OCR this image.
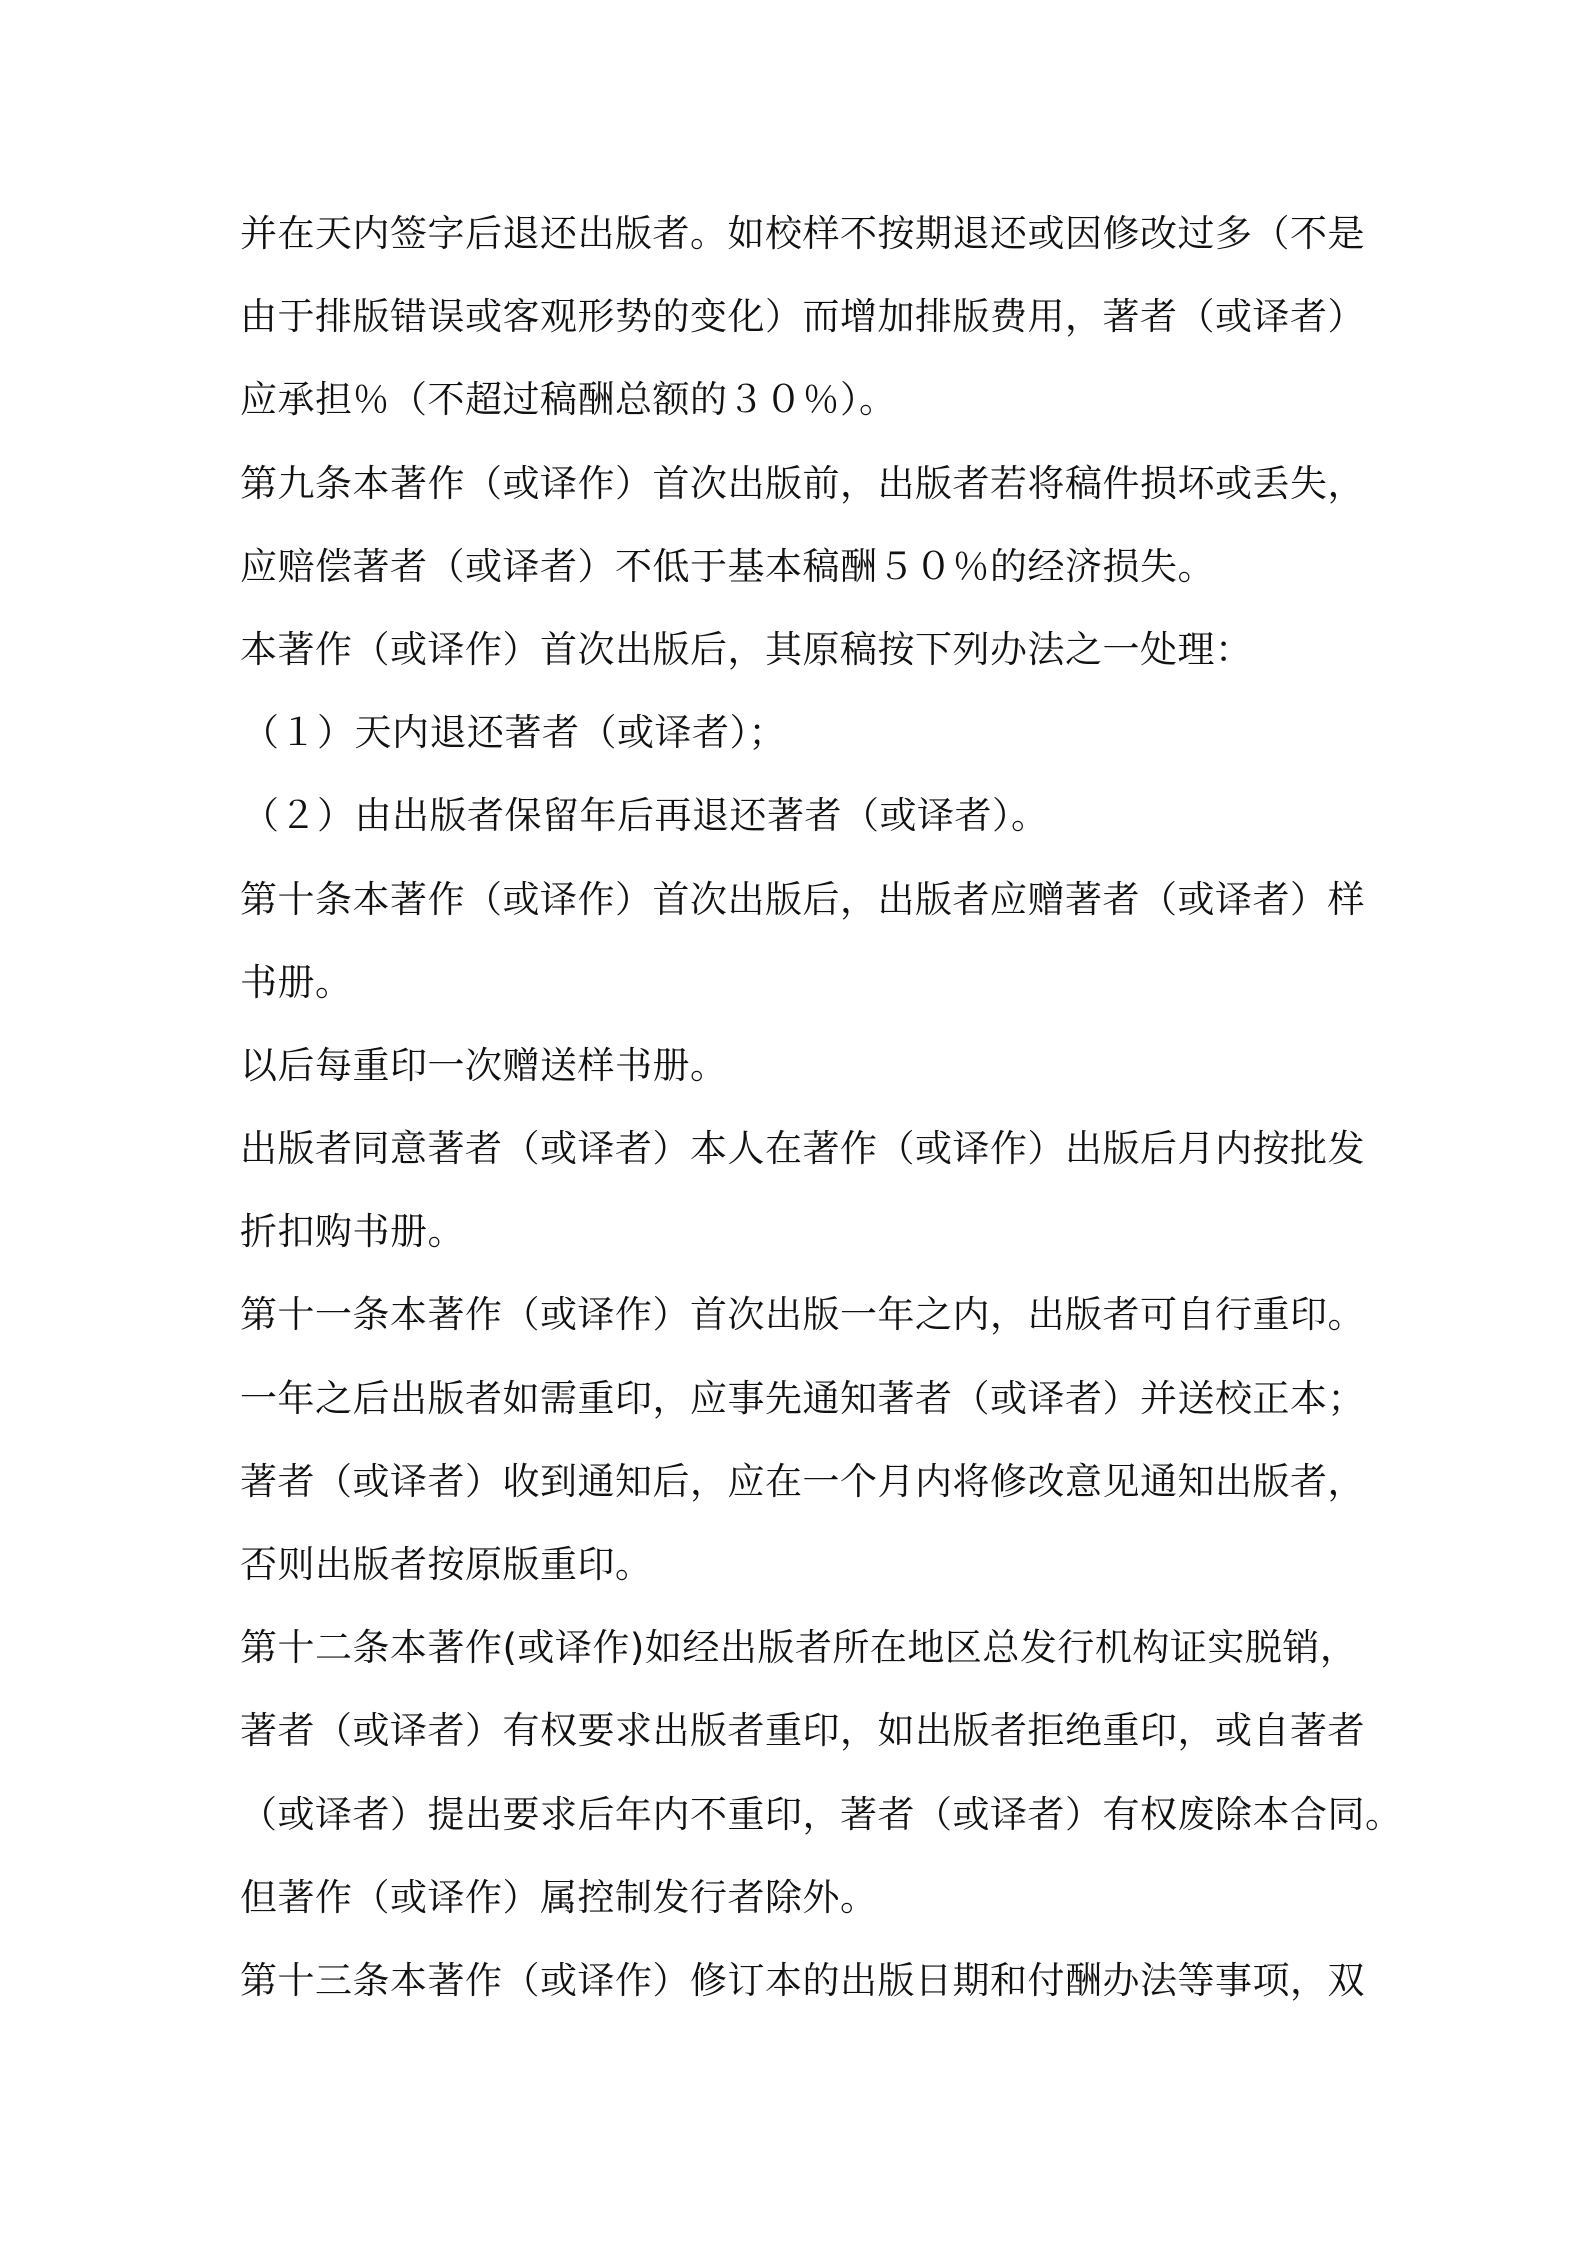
并在天内签字后退还出版者。如校样不按期退还或因修改过多（不是
由于排版错误或客观形势的变化）而增加排版费用，著者（或译者）
应承担％（不超过稿酬总额的３０％）。
第九条本著作（或译作）首次出版前，出版者若将稿件损坏或丢失，
应赔偿著者（或译者）不低于基本稿酬５０％的经济损失。
本著作（或译作）首次出版后，其原稿按下列办法之一处理：
（１）天内退还著者（或译者）；
（２）由出版者保留年后再退还著者（或译者）。
第十条本著作（或译作）首次出版后，出版者应赠著者（或译者）样
书册。
以后每重印一次赠送样书册。
出版者同意著者（或译者）本人在著作（或译作）出版后月内按批发
折扣购书册。
第十一条本著作（或译作）首次出版一年之内，出版者可自行重印。
一年之后出版者如需重印，应事先通知著者（或译者）并送校正本；
著者（或译者）收到通知后，应在一个月内将修改意见通知出版者，
否则出版者按原版重印。
第十二条本著作(或译作)如经出版者所在地区总发行机构证实脱销，
著者（或译者）有权要求出版者重印，如出版者拒绝重印，或自著者
（或译者）提出要求后年内不重印，著者（或译者）有权废除本合同。
但著作（或译作）属控制发行者除外。
第十三条本著作（或译作）修订本的出版日期和付酬办法等事项，双
